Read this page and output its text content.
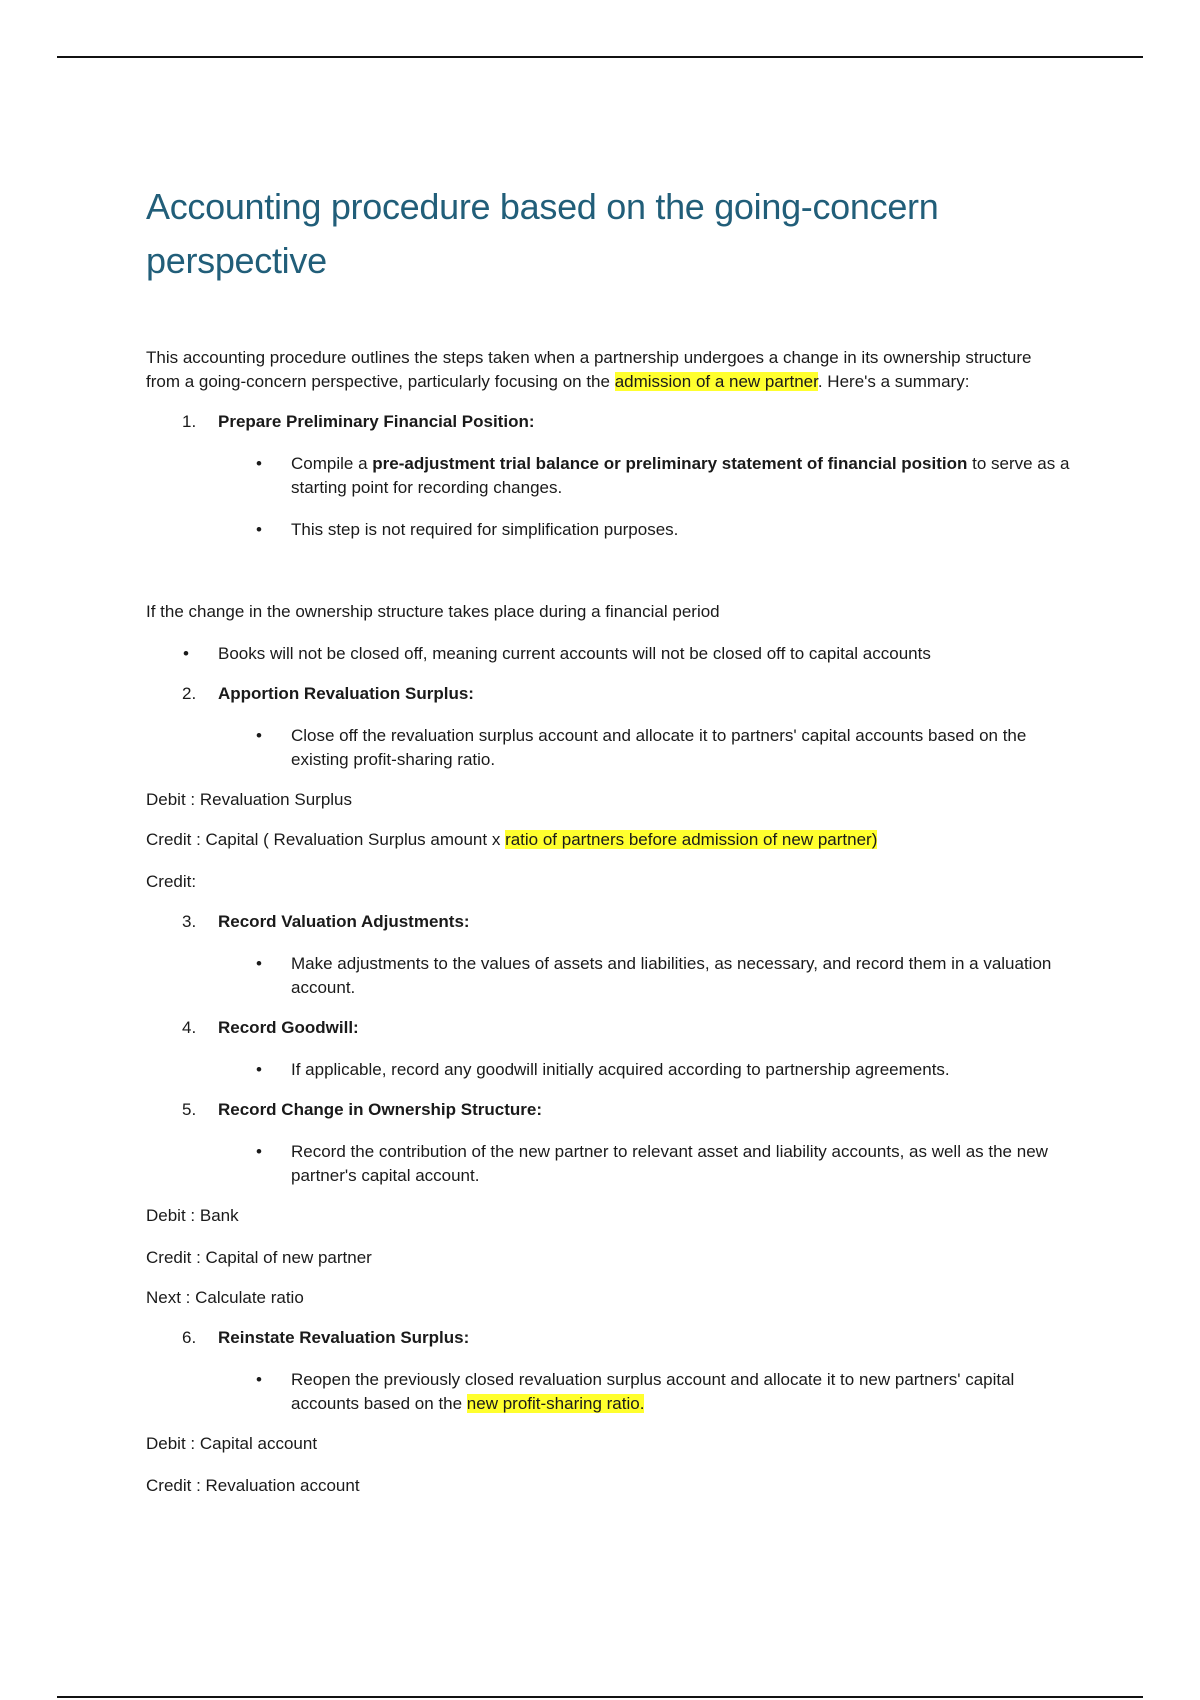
Accounting procedure based on the going-concern perspective

This accounting procedure outlines the steps taken when a partnership undergoes a change in its ownership structure from a going-concern perspective, particularly focusing on the admission of a new partner. Here's a summary:

1.	Prepare Preliminary Financial Position:
• Compile a pre-adjustment trial balance or preliminary statement of financial position to serve as a starting point for recording changes.
• This step is not required for simplification purposes.

If the change in the ownership structure takes place during a financial period

• Books will not be closed off, meaning current accounts will not be closed off to capital accounts
2.	Apportion Revaluation Surplus:
• Close off the revaluation surplus account and allocate it to partners' capital accounts based on the existing profit-sharing ratio.

Debit : Revaluation Surplus

Credit : Capital ( Revaluation Surplus amount x ratio of partners before admission of new partner)

Credit:

3.	Record Valuation Adjustments:
• Make adjustments to the values of assets and liabilities, as necessary, and record them in a valuation account.
4.	Record Goodwill:
• If applicable, record any goodwill initially acquired according to partnership agreements.
5.	Record Change in Ownership Structure:
• Record the contribution of the new partner to relevant asset and liability accounts, as well as the new partner's capital account.

Debit : Bank

Credit : Capital of new partner

Next : Calculate ratio

6.	Reinstate Revaluation Surplus:
• Reopen the previously closed revaluation surplus account and allocate it to new partners' capital accounts based on the new profit-sharing ratio.

Debit : Capital account

Credit : Revaluation account
